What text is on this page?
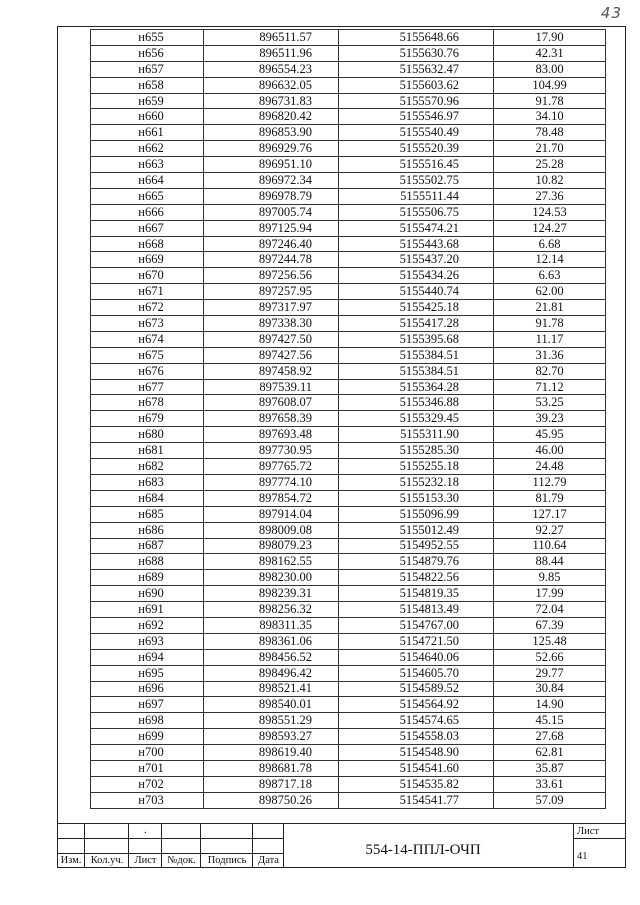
43
н655	896511.57	5155648.66	17.90
н656	896511.96	5155630.76	42.31
н657	896554.23	5155632.47	83.00
н658	896632.05	5155603.62	104.99
н659	896731.83	5155570.96	91.78
н660	896820.42	5155546.97	34.10
н661	896853.90	5155540.49	78.48
н662	896929.76	5155520.39	21.70
н663	896951.10	5155516.45	25.28
н664	896972.34	5155502.75	10.82
н665	896978.79	5155511.44	27.36
н666	897005.74	5155506.75	124.53
н667	897125.94	5155474.21	124.27
н668	897246.40	5155443.68	6.68
н669	897244.78	5155437.20	12.14
н670	897256.56	5155434.26	6.63
н671	897257.95	5155440.74	62.00
н672	897317.97	5155425.18	21.81
н673	897338.30	5155417.28	91.78
н674	897427.50	5155395.68	11.17
н675	897427.56	5155384.51	31.36
н676	897458.92	5155384.51	82.70
н677	897539.11	5155364.28	71.12
н678	897608.07	5155346.88	53.25
н679	897658.39	5155329.45	39.23
н680	897693.48	5155311.90	45.95
н681	897730.95	5155285.30	46.00
н682	897765.72	5155255.18	24.48
н683	897774.10	5155232.18	112.79
н684	897854.72	5155153.30	81.79
н685	897914.04	5155096.99	127.17
н686	898009.08	5155012.49	92.27
н687	898079.23	5154952.55	110.64
н688	898162.55	5154879.76	88.44
н689	898230.00	5154822.56	9.85
н690	898239.31	5154819.35	17.99
н691	898256.32	5154813.49	72.04
н692	898311.35	5154767.00	67.39
н693	898361.06	5154721.50	125.48
н694	898456.52	5154640.06	52.66
н695	898496.42	5154605.70	29.77
н696	898521.41	5154589.52	30.84
н697	898540.01	5154564.92	14.90
н698	898551.29	5154574.65	45.15
н699	898593.27	5154558.03	27.68
н700	898619.40	5154548.90	62.81
н701	898681.78	5154541.60	35.87
н702	898717.18	5154535.82	33.61
н703	898750.26	5154541.77	57.09
Изм. Кол.уч.	Лист	№док.	Подпись	Дата
.
554-14-ППЛ-ОЧП
Лист
41
